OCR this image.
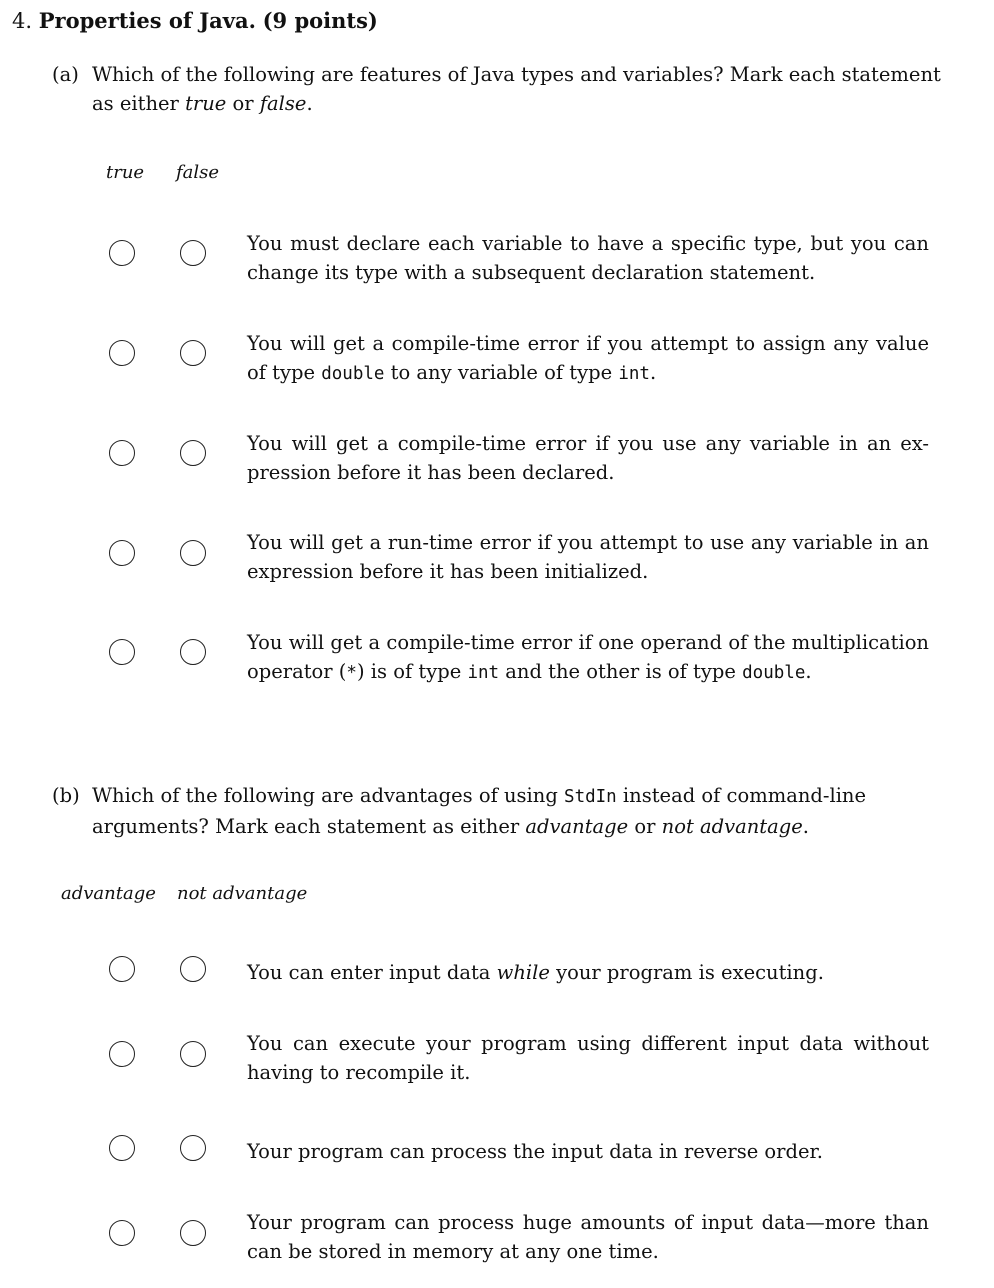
4. Properties of Java. (9 points)
(a) Which of the following are features of Java types and variables? Mark each statement
as either true or false.
true false
You must declare each variable to have a specific type, but you can change its type with a subsequent declaration statement.
You will get a compile-time error if you attempt to assign any value of type double to any variable of type int.
You will get a compile-time error if you use any variable in an ex-pression before it has been declared.
You will get a run-time error if you attempt to use any variable in an expression before it has been initialized.
You will get a compile-time error if one operand of the multiplication operator (*) is of type int and the other is of type double.
(b) Which of the following are advantages of using StdIn instead of command-line
arguments? Mark each statement as either advantage or not advantage.
advantage not advantage
You can enter input data while your program is executing.
You can execute your program using different input data without having to recompile it.
Your program can process the input data in reverse order.
Your program can process huge amounts of input data—more than can be stored in memory at any one time.
